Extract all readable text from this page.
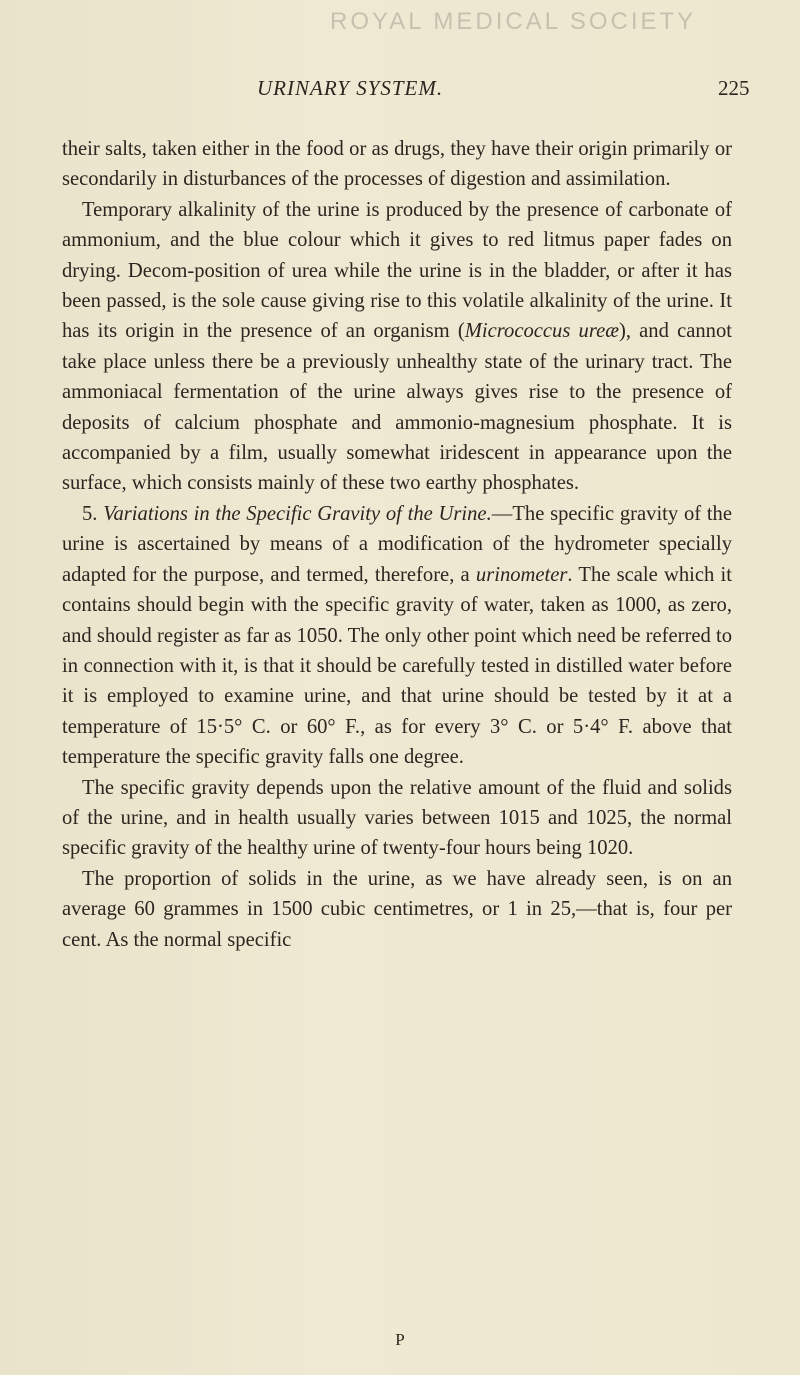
ROYAL MEDICAL SOCIETY
URINARY SYSTEM.	225

their salts, taken either in the food or as drugs, they have their origin primarily or secondarily in disturbances of the processes of digestion and assimilation.

Temporary alkalinity of the urine is produced by the presence of carbonate of ammonium, and the blue colour which it gives to red litmus paper fades on drying. Decom-position of urea while the urine is in the bladder, or after it has been passed, is the sole cause giving rise to this volatile alkalinity of the urine. It has its origin in the presence of an organism (Micrococcus ureæ), and cannot take place unless there be a previously unhealthy state of the urinary tract. The ammoniacal fermentation of the urine always gives rise to the presence of deposits of calcium phosphate and ammonio-magnesium phosphate. It is accompanied by a film, usually somewhat iridescent in appearance upon the surface, which consists mainly of these two earthy phosphates.

5. Variations in the Specific Gravity of the Urine.—The specific gravity of the urine is ascertained by means of a modification of the hydrometer specially adapted for the purpose, and termed, therefore, a urinometer. The scale which it contains should begin with the specific gravity of water, taken as 1000, as zero, and should register as far as 1050. The only other point which need be referred to in connection with it, is that it should be carefully tested in distilled water before it is employed to examine urine, and that urine should be tested by it at a temperature of 15·5° C. or 60° F., as for every 3° C. or 5·4° F. above that temperature the specific gravity falls one degree.

The specific gravity depends upon the relative amount of the fluid and solids of the urine, and in health usually varies between 1015 and 1025, the normal specific gravity of the healthy urine of twenty-four hours being 1020.

The proportion of solids in the urine, as we have already seen, is on an average 60 grammes in 1500 cubic centimetres, or 1 in 25,—that is, four per cent. As the normal specific

P
